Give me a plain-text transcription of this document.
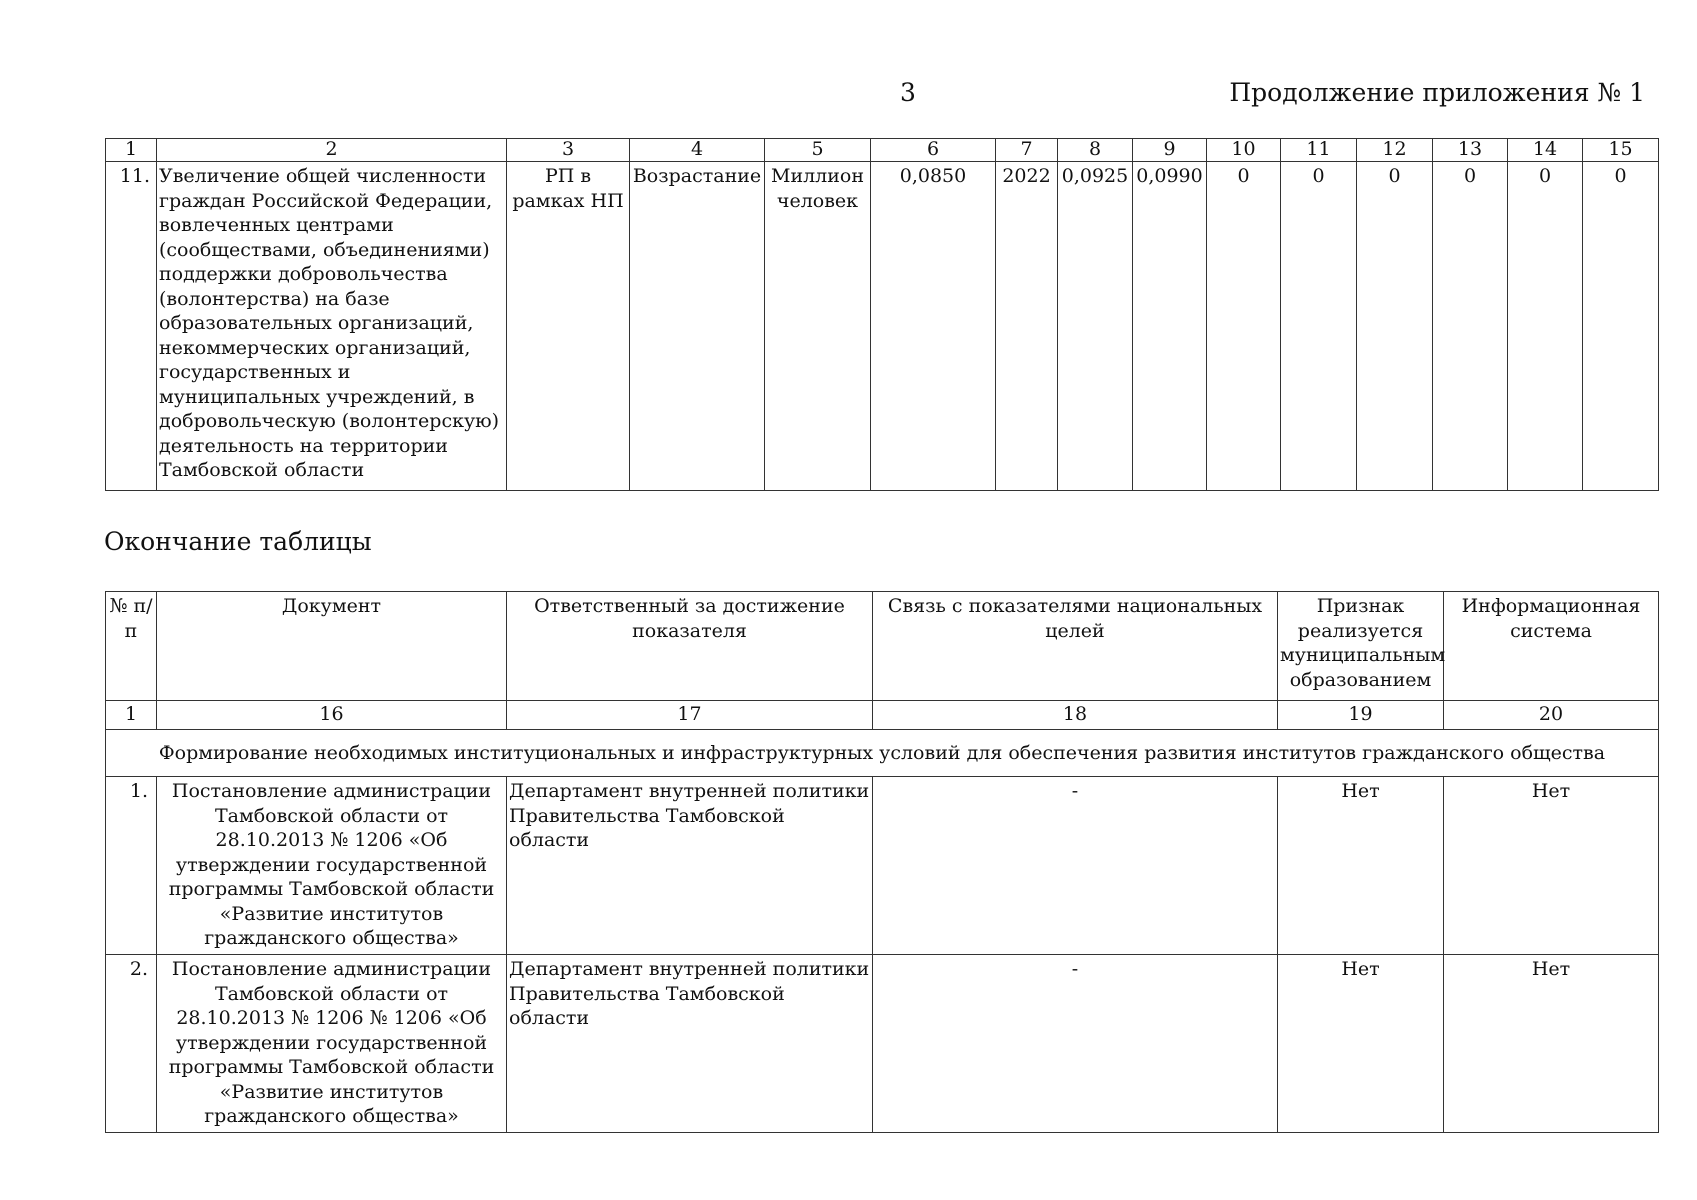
3	Продолжение приложения № 1
1	2	3	4	5	6	7	8	9	10	11	12	13	14	15
11.	Увеличение общей численности граждан Российской Федерации, вовлеченных центрами (сообществами, объединениями) поддержки добровольчества (волонтерства) на базе образовательных организаций, некоммерческих организаций, государственных и муниципальных учреждений, в добровольческую (волонтерскую) деятельность на территории Тамбовской области	РП в рамках НП	Возрастание	Миллион человек	0,0850	2022	0,0925	0,0990	0	0	0	0	0	0
Окончание таблицы
№ п/п	Документ	Ответственный за достижение показателя	Связь с показателями национальных целей	Признак реализуется муниципальным образованием	Информационная система
1	16	17	18	19	20
Формирование необходимых институциональных и инфраструктурных условий для обеспечения развития институтов гражданского общества					
1.	Постановление администрации Тамбовской области от 28.10.2013 № 1206 «Об утверждении государственной программы Тамбовской области «Развитие институтов гражданского общества»	Департамент внутренней политики Правительства Тамбовской области	-	Нет	Нет
2.	Постановление администрации Тамбовской области от 28.10.2013 № 1206 № 1206 «Об утверждении государственной программы Тамбовской области «Развитие институтов гражданского общества»	Департамент внутренней политики Правительства Тамбовской области	-	Нет	Нет
